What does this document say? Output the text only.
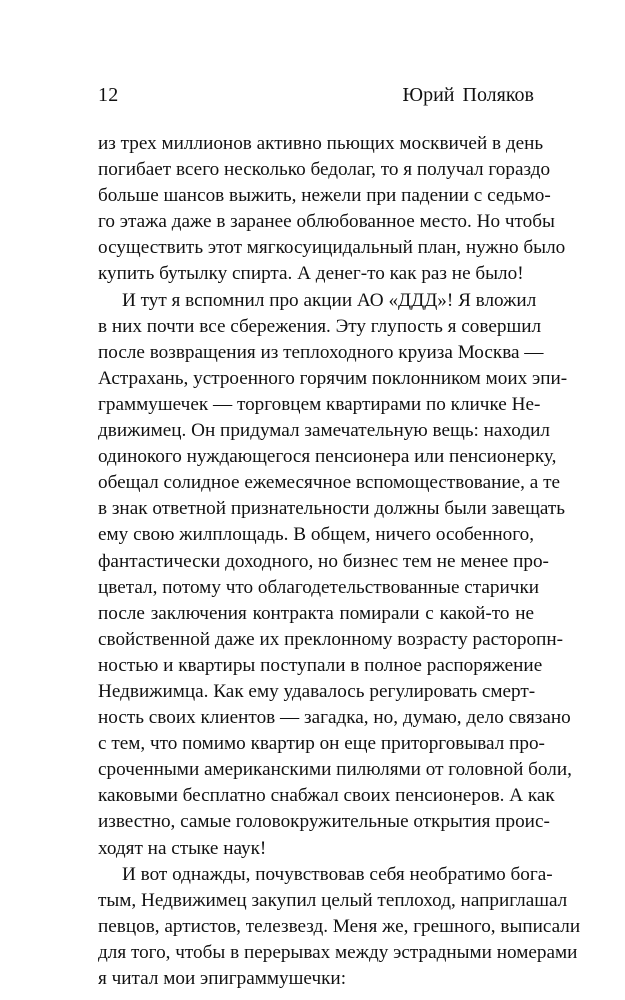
12	Юрий Поляков
из трех миллионов активно пьющих москвичей в день
погибает всего несколько бедолаг, то я получал гораздо
больше шансов выжить, нежели при падении с седьмо-
го этажа даже в заранее облюбованное место. Но чтобы
осуществить этот мягкосуицидальный план, нужно было
купить бутылку спирта. А денег-то как раз не было!
И тут я вспомнил про акции АО «ДДД»! Я вложил
в них почти все сбережения. Эту глупость я совершил
после возвращения из теплоходного круиза Москва —
Астрахань, устроенного горячим поклонником моих эпи-
граммушечек — торговцем квартирами по кличке Не-
движимец. Он придумал замечательную вещь: находил
одинокого нуждающегося пенсионера или пенсионерку,
обещал солидное ежемесячное вспомоществование, а те
в знак ответной признательности должны были завещать
ему свою жилплощадь. В общем, ничего особенного,
фантастически доходного, но бизнес тем не менее про-
цветал, потому что облагодетельствованные старички
после заключения контракта помирали с какой-то не
свойственной даже их преклонному возрасту расторопн-
ностью и квартиры поступали в полное распоряжение
Недвижимца. Как ему удавалось регулировать смерт-
ность своих клиентов — загадка, но, думаю, дело связано
с тем, что помимо квартир он еще приторговывал про-
сроченными американскими пилюлями от головной боли,
каковыми бесплатно снабжал своих пенсионеров. А как
известно, самые головокружительные открытия проис-
ходят на стыке наук!
И вот однажды, почувствовав себя необратимо бога-
тым, Недвижимец закупил целый теплоход, наприглашал
певцов, артистов, телезвезд. Меня же, грешного, выписали
для того, чтобы в перерывах между эстрадными номерами
я читал мои эпиграммушечки:
